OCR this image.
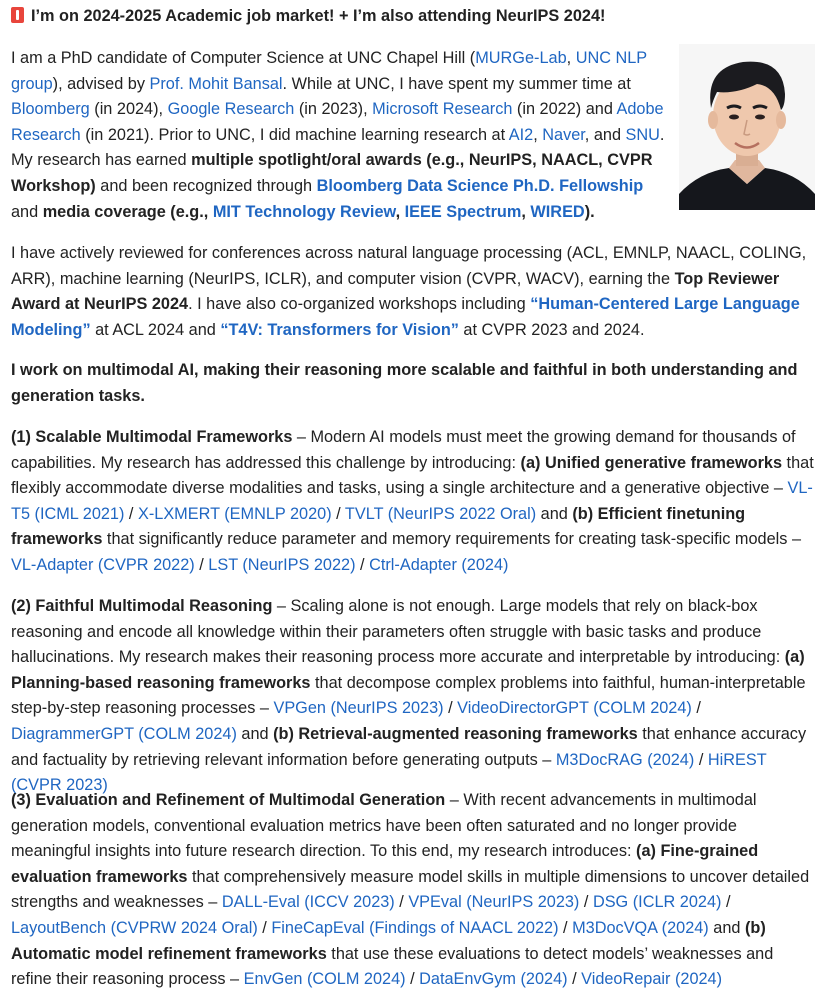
I’m on 2024-2025 Academic job market! + I’m also attending NeurIPS 2024!

I am a PhD candidate of Computer Science at UNC Chapel Hill (MURGe-Lab, UNC NLP group), advised by Prof. Mohit Bansal. While at UNC, I have spent my summer time at Bloomberg (in 2024), Google Research (in 2023), Microsoft Research (in 2022) and Adobe Research (in 2021). Prior to UNC, I did machine learning research at AI2, Naver, and SNU. My research has earned multiple spotlight/oral awards (e.g., NeurIPS, NAACL, CVPR Workshop) and been recognized through Bloomberg Data Science Ph.D. Fellowship and media coverage (e.g., MIT Technology Review, IEEE Spectrum, WIRED).

I have actively reviewed for conferences across natural language processing (ACL, EMNLP, NAACL, COLING, ARR), machine learning (NeurIPS, ICLR), and computer vision (CVPR, WACV), earning the Top Reviewer Award at NeurIPS 2024. I have also co-organized workshops including “Human-Centered Large Language Modeling” at ACL 2024 and “T4V: Transformers for Vision” at CVPR 2023 and 2024.

I work on multimodal AI, making their reasoning more scalable and faithful in both understanding and generation tasks.

(1) Scalable Multimodal Frameworks – Modern AI models must meet the growing demand for thousands of capabilities. My research has addressed this challenge by introducing: (a) Unified generative frameworks that flexibly accommodate diverse modalities and tasks, using a single architecture and a generative objective – VL-T5 (ICML 2021) / X-LXMERT (EMNLP 2020) / TVLT (NeurIPS 2022 Oral) and (b) Efficient finetuning frameworks that significantly reduce parameter and memory requirements for creating task-specific models – VL-Adapter (CVPR 2022) / LST (NeurIPS 2022) / Ctrl-Adapter (2024)

(2) Faithful Multimodal Reasoning – Scaling alone is not enough. Large models that rely on black-box reasoning and encode all knowledge within their parameters often struggle with basic tasks and produce hallucinations. My research makes their reasoning process more accurate and interpretable by introducing: (a) Planning-based reasoning frameworks that decompose complex problems into faithful, human-interpretable step-by-step reasoning processes – VPGen (NeurIPS 2023) / VideoDirectorGPT (COLM 2024) / DiagrammerGPT (COLM 2024) and (b) Retrieval-augmented reasoning frameworks that enhance accuracy and factuality by retrieving relevant information before generating outputs – M3DocRAG (2024) / HiREST (CVPR 2023)

(3) Evaluation and Refinement of Multimodal Generation – With recent advancements in multimodal generation models, conventional evaluation metrics have been often saturated and no longer provide meaningful insights into future research direction. To this end, my research introduces: (a) Fine-grained evaluation frameworks that comprehensively measure model skills in multiple dimensions to uncover detailed strengths and weaknesses – DALL-Eval (ICCV 2023) / VPEval (NeurIPS 2023) / DSG (ICLR 2024) / LayoutBench (CVPRW 2024 Oral) / FineCapEval (Findings of NAACL 2022) / M3DocVQA (2024) and (b) Automatic model refinement frameworks that use these evaluations to detect models’ weaknesses and refine their reasoning process – EnvGen (COLM 2024) / DataEnvGym (2024) / VideoRepair (2024)
